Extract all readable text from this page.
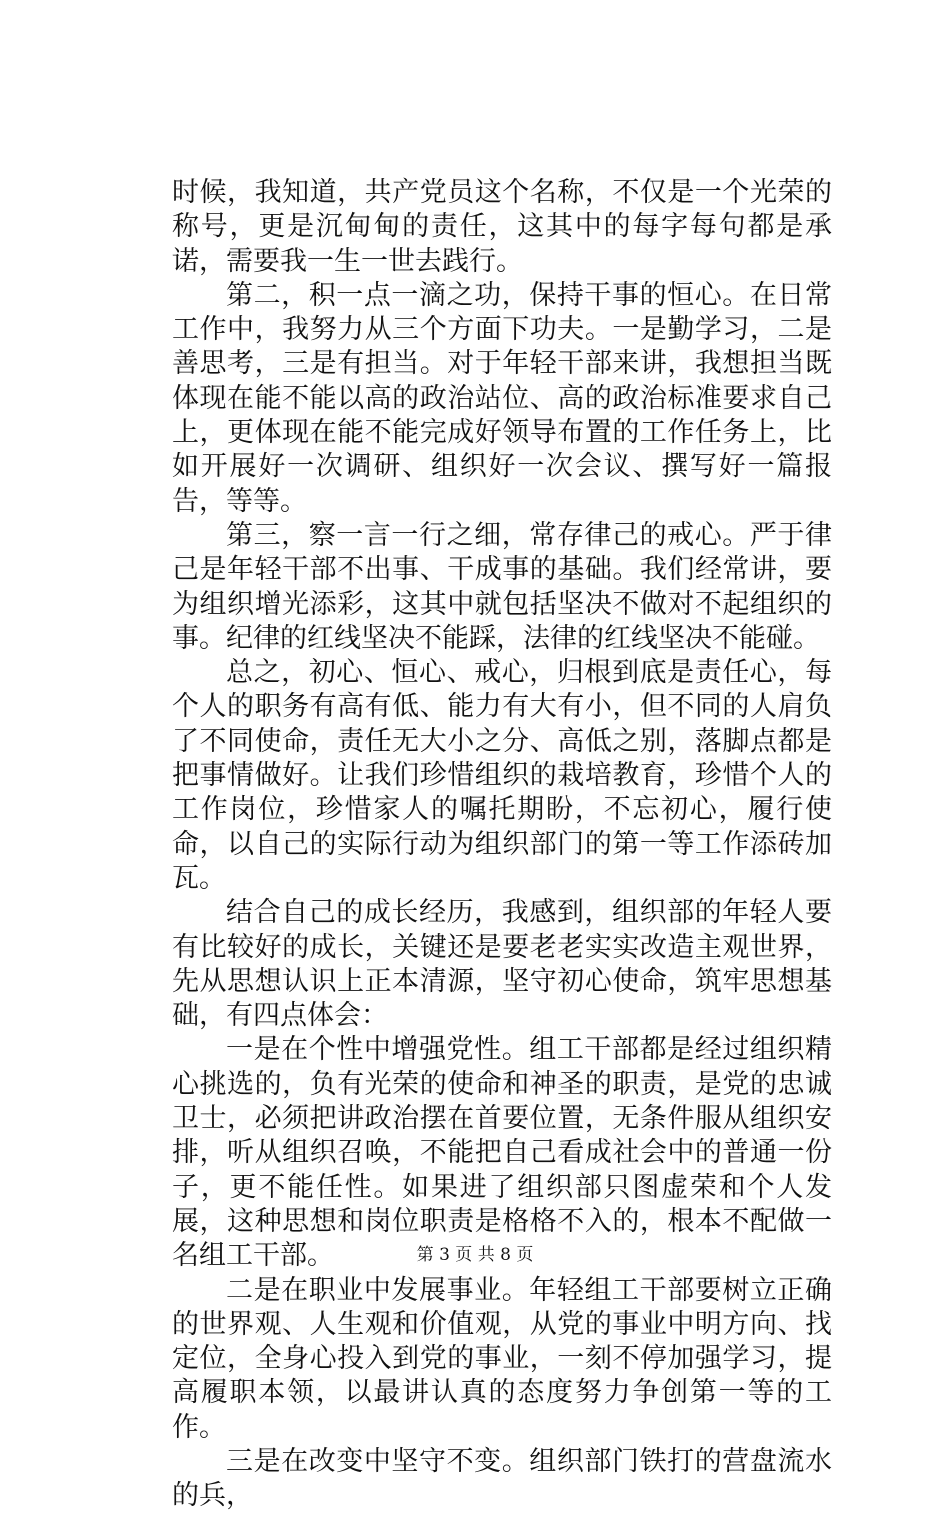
时候，我知道，共产党员这个名称，不仅是一个光荣的称号，更是沉甸甸的责任，这其中的每字每句都是承诺，需要我一生一世去践行。

第二，积一点一滴之功，保持干事的恒心。在日常工作中，我努力从三个方面下功夫。一是勤学习，二是善思考，三是有担当。对于年轻干部来讲，我想担当既体现在能不能以高的政治站位、高的政治标准要求自己上，更体现在能不能完成好领导布置的工作任务上，比如开展好一次调研、组织好一次会议、撰写好一篇报告，等等。

第三，察一言一行之细，常存律己的戒心。严于律己是年轻干部不出事、干成事的基础。我们经常讲，要为组织增光添彩，这其中就包括坚决不做对不起组织的事。纪律的红线坚决不能踩，法律的红线坚决不能碰。

总之，初心、恒心、戒心，归根到底是责任心，每个人的职务有高有低、能力有大有小，但不同的人肩负了不同使命，责任无大小之分、高低之别，落脚点都是把事情做好。让我们珍惜组织的栽培教育，珍惜个人的工作岗位，珍惜家人的嘱托期盼，不忘初心，履行使命，以自己的实际行动为组织部门的第一等工作添砖加瓦。

结合自己的成长经历，我感到，组织部的年轻人要有比较好的成长，关键还是要老老实实改造主观世界，先从思想认识上正本清源，坚守初心使命，筑牢思想基础，有四点体会：

一是在个性中增强党性。组工干部都是经过组织精心挑选的，负有光荣的使命和神圣的职责，是党的忠诚卫士，必须把讲政治摆在首要位置，无条件服从组织安排，听从组织召唤，不能把自己看成社会中的普通一份子，更不能任性。如果进了组织部只图虚荣和个人发展，这种思想和岗位职责是格格不入的，根本不配做一名组工干部。

二是在职业中发展事业。年轻组工干部要树立正确的世界观、人生观和价值观，从党的事业中明方向、找定位，全身心投入到党的事业，一刻不停加强学习，提高履职本领，以最讲认真的态度努力争创第一等的工作。

三是在改变中坚守不变。组织部门铁打的营盘流水的兵，

第 3 页 共 8 页
